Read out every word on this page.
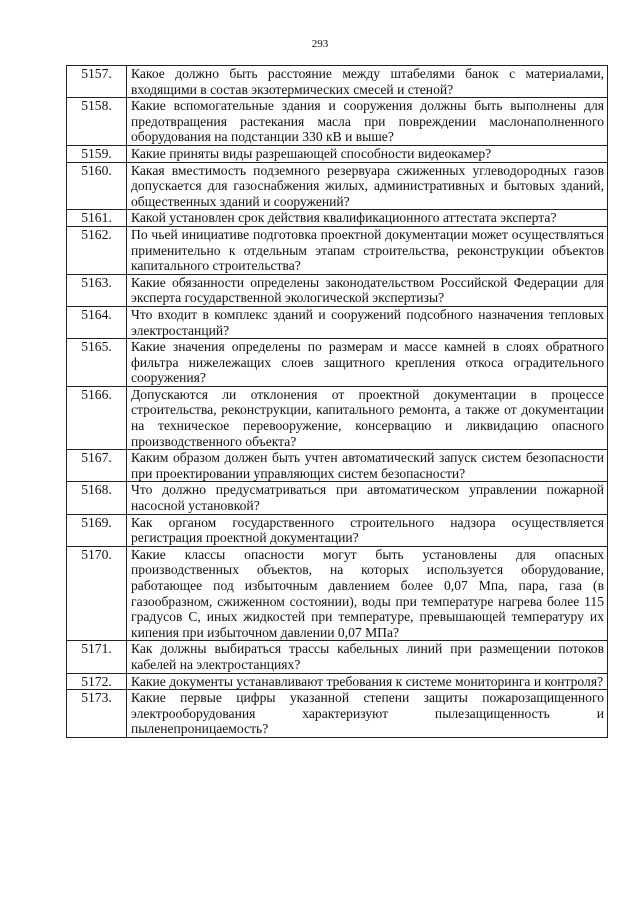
293
5157.	Какое должно быть расстояние между штабелями банок с материалами, входящими в состав экзотермических смесей и стеной?
5158.	Какие вспомогательные здания и сооружения должны быть выполнены для предотвращения растекания масла при повреждении маслонаполненного оборудования на подстанции 330 кВ и выше?
5159.	Какие приняты виды разрешающей способности видеокамер?
5160.	Какая вместимость подземного резервуара сжиженных углеводородных газов допускается для газоснабжения жилых, административных и бытовых зданий, общественных зданий и сооружений?
5161.	Какой установлен срок действия квалификационного аттестата эксперта?
5162.	По чьей инициативе подготовка проектной документации может осуществляться применительно к отдельным этапам строительства, реконструкции объектов капитального строительства?
5163.	Какие обязанности определены законодательством Российской Федерации для эксперта государственной экологической экспертизы?
5164.	Что входит в комплекс зданий и сооружений подсобного назначения тепловых электростанций?
5165.	Какие значения определены по размерам и массе камней в слоях обратного фильтра нижележащих слоев защитного крепления откоса оградительного сооружения?
5166.	Допускаются ли отклонения от проектной документации в процессе строительства, реконструкции, капитального ремонта, а также от документации на техническое перевооружение, консервацию и ликвидацию опасного производственного объекта?
5167.	Каким образом должен быть учтен автоматический запуск систем безопасности при проектировании управляющих систем безопасности?
5168.	Что должно предусматриваться при автоматическом управлении пожарной насосной установкой?
5169.	Как органом государственного строительного надзора осуществляется регистрация проектной документации?
5170.	Какие классы опасности могут быть установлены для опасных производственных объектов, на которых используется оборудование, работающее под избыточным давлением более 0,07 Мпа, пара, газа (в газообразном, сжиженном состоянии), воды при температуре нагрева более 115 градусов С, иных жидкостей при температуре, превышающей температуру их кипения при избыточном давлении 0,07 МПа?
5171.	Как должны выбираться трассы кабельных линий при размещении потоков кабелей на электростанциях?
5172.	Какие документы устанавливают требования к системе мониторинга и контроля?
5173.	Какие первые цифры указанной степени защиты пожарозащищенного электрооборудования характеризуют пылезащищенность и пыленепроницаемость?
